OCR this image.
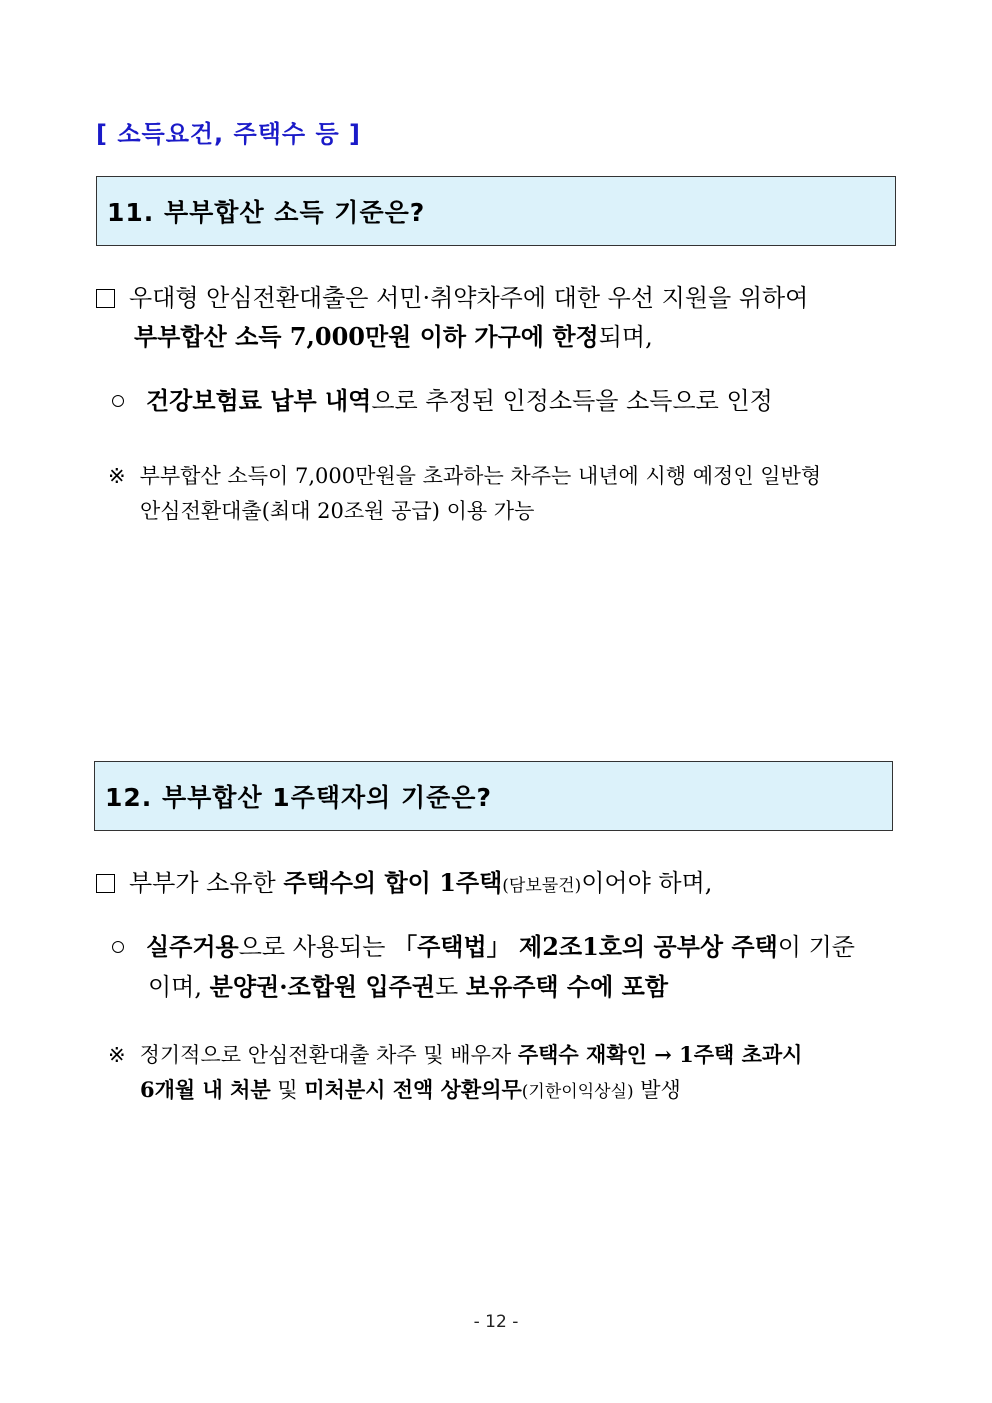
[ 소득요건, 주택수 등 ]
11. 부부합산 소득 기준은?
우대형 안심전환대출은 서민·취약차주에 대한 우선 지원을 위하여
부부합산 소득 7,000만원 이하 가구에 한정되며,
건강보험료 납부 내역으로 추정된 인정소득을 소득으로 인정
※ 부부합산 소득이 7,000만원을 초과하는 차주는 내년에 시행 예정인 일반형
안심전환대출(최대 20조원 공급) 이용 가능
12. 부부합산 1주택자의 기준은?
부부가 소유한 주택수의 합이 1주택(담보물건)이어야 하며,
실주거용으로 사용되는 「주택법」 제2조1호의 공부상 주택이 기준
이며, 분양권·조합원 입주권도 보유주택 수에 포함
※ 정기적으로 안심전환대출 차주 및 배우자 주택수 재확인 → 1주택 초과시
6개월 내 처분 및 미처분시 전액 상환의무(기한이익상실) 발생
- 12 -
